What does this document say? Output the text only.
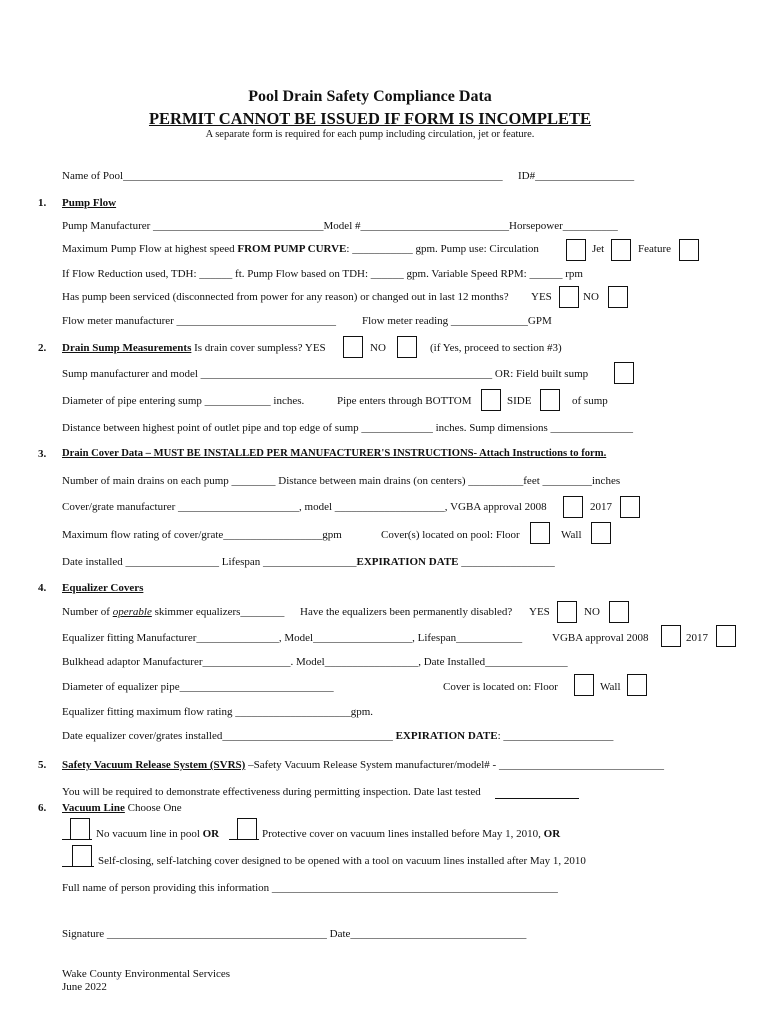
Pool Drain Safety Compliance Data
PERMIT CANNOT BE ISSUED IF FORM IS INCOMPLETE
A separate form is required for each pump including circulation, jet or feature.
Name of Pool_____________________________________________________________________ ID#__________________
1. Pump Flow
Pump Manufacturer _______________________________Model #___________________________Horsepower__________
Maximum Pump Flow at highest speed FROM PUMP CURVE: ___________ gpm. Pump use: Circulation	Jet	Feature
If Flow Reduction used, TDH: ______ ft. Pump Flow based on TDH: ______ gpm. Variable Speed RPM: ______ rpm
Has pump been serviced (disconnected from power for any reason) or changed out in last 12 months? YES	NO
Flow meter manufacturer _____________________________ Flow meter reading ______________GPM
2. Drain Sump Measurements Is drain cover sumpless? YES	NO	(if Yes, proceed to section #3)
Sump manufacturer and model _____________________________________________________ OR: Field built sump
Diameter of pipe entering sump ____________ inches.	Pipe enters through BOTTOM	SIDE	of sump
Distance between highest point of outlet pipe and top edge of sump _____________ inches. Sump dimensions _______________
3. Drain Cover Data – MUST BE INSTALLED PER MANUFACTURER'S INSTRUCTIONS- Attach Instructions to form.
Number of main drains on each pump ________ Distance between main drains (on centers) __________feet _________inches
Cover/grate manufacturer ______________________, model ____________________, VGBA approval 2008	2017
Maximum flow rating of cover/grate__________________gpm	Cover(s) located on pool: Floor	Wall
Date installed _________________ Lifespan _________________EXPIRATION DATE _________________
4. Equalizer Covers
Number of operable skimmer equalizers________ Have the equalizers been permanently disabled? YES	NO
Equalizer fitting Manufacturer_______________, Model__________________, Lifespan____________	VGBA approval 2008	2017
Bulkhead adaptor Manufacturer________________. Model_________________, Date Installed_______________
Diameter of equalizer pipe____________________________	Cover is located on: Floor	Wall
Equalizer fitting maximum flow rating _____________________gpm.
Date equalizer cover/grates installed_______________________________ EXPIRATION DATE: ____________________
5. Safety Vacuum Release System (SVRS) –Safety Vacuum Release System manufacturer/model# - ______________________________
You will be required to demonstrate effectiveness during permitting inspection. Date last tested
6. Vacuum Line Choose One
No vacuum line in pool OR	Protective cover on vacuum lines installed before May 1, 2010, OR
Self-closing, self-latching cover designed to be opened with a tool on vacuum lines installed after May 1, 2010
Full name of person providing this information ____________________________________________________
Signature ________________________________________ Date________________________________
Wake County Environmental Services
June 2022
